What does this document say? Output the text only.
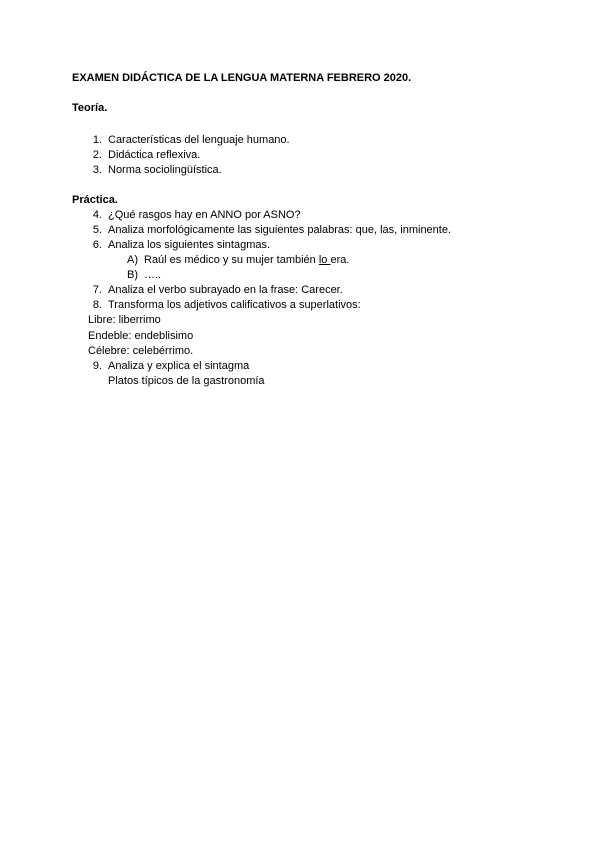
EXAMEN DIDÁCTICA DE LA LENGUA MATERNA FEBRERO 2020.
Teoría.
1. Características del lenguaje humano.
2. Didáctica reflexiva.
3. Norma sociolingüística.
Práctica.
4. ¿Qué rasgos hay en ANNO por ASNO?
5. Analiza morfológicamente las siguientes palabras: que, las, inminente.
6. Analiza los siguientes sintagmas.
A) Raúl es médico y su mujer también lo era.
B) …..
7. Analiza el verbo subrayado en la frase: Carecer.
8. Transforma los adjetivos calificativos a superlativos:
Libre: liberrimo
Endeble: endeblisimo
Célebre: celebérrimo.
9. Analiza y explica el sintagma
Platos típicos de la gastronomía
